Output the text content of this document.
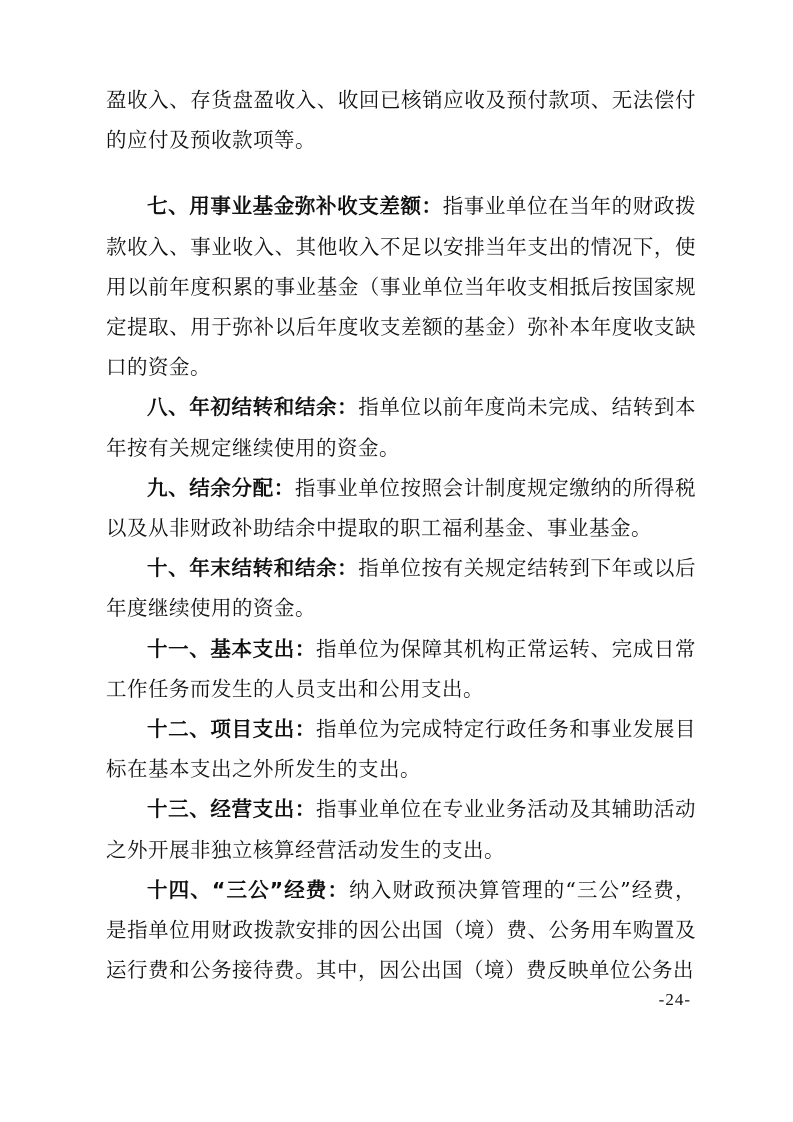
盈收入、存货盘盈收入、收回已核销应收及预付款项、无法偿付的应付及预收款项等。

七、用事业基金弥补收支差额：指事业单位在当年的财政拨款收入、事业收入、其他收入不足以安排当年支出的情况下，使用以前年度积累的事业基金（事业单位当年收支相抵后按国家规定提取、用于弥补以后年度收支差额的基金）弥补本年度收支缺口的资金。

八、年初结转和结余：指单位以前年度尚未完成、结转到本年按有关规定继续使用的资金。

九、结余分配：指事业单位按照会计制度规定缴纳的所得税以及从非财政补助结余中提取的职工福利基金、事业基金。

十、年末结转和结余：指单位按有关规定结转到下年或以后年度继续使用的资金。

十一、基本支出：指单位为保障其机构正常运转、完成日常工作任务而发生的人员支出和公用支出。

十二、项目支出：指单位为完成特定行政任务和事业发展目标在基本支出之外所发生的支出。

十三、经营支出：指事业单位在专业业务活动及其辅助活动之外开展非独立核算经营活动发生的支出。

十四、“三公”经费：纳入财政预决算管理的“三公”经费，是指单位用财政拨款安排的因公出国（境）费、公务用车购置及运行费和公务接待费。其中，因公出国（境）费反映单位公务出

-24-
